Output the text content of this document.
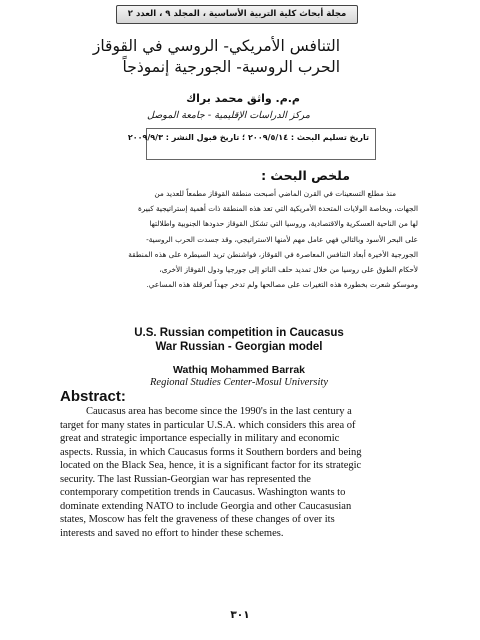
مجلة أبحاث كلية التربية الأساسية ، المجلد ٩ ، العدد ٢
التنافس الأمريكي- الروسي في القوقاز
الحرب الروسية- الجورجية إنموذجاً
م.م. واثق محمد براك
مركز الدراسات الإقليمية - جامعة الموصل
تاريخ تسليم البحث : ٢٠٠٩/٥/١٤ ؛ تاريخ قبول النشر : ٢٠٠٩/٩/٣
ملخص البحث :
منذ مطلع التسعينات في القرن الماضي أصبحت منطقة القوقاز مطمعاً للعديد من
الجهات، وبخاصة الولايات المتحدة الأمريكية التي تعد هذه المنطقة ذات أهمية إستراتيجية كبيرة
لها من الناحية العسكرية والاقتصادية، وروسيا التي تشكل القوقاز حدودها الجنوبية واطلالتها
على البحر الأسود وبالتالي فهي عامل مهم لأمنها الاستراتيجي، وقد جسدت الحرب الروسية-
الجورجية الأخيرة أبعاد التنافس المعاصرة في القوقاز، فواشنطن تريد السيطرة على هذه المنطقة
لأحكام الطوق على روسيا من خلال تمديد حلف الناتو إلى جورجيا ودول القوقاز الأخرى،
وموسكو شعرت بخطورة هذه التغيرات على مصالحها ولم تدخر جهداً لعرقلة هذه المساعي.
U.S. Russian competition in Caucasus
War Russian - Georgian model
Wathiq Mohammed Barrak
Regional Studies Center-Mosul University
Abstract:
Caucasus area has become since the 1990's in the last century a
target for many states in particular U.S.A. which considers this area of
great and strategic importance especially in military and economic
aspects. Russia, in which Caucasus forms it Southern borders and being
located on the Black Sea, hence, it is a significant factor for its strategic
security. The last Russian-Georgian war has represented the
contemporary competition trends in Caucasus. Washington wants to
dominate extending NATO to include Georgia and other Caucasusian
states, Moscow has felt the graveness of these changes of over its
interests and saved no effort to hinder these schemes.
٣٠١
